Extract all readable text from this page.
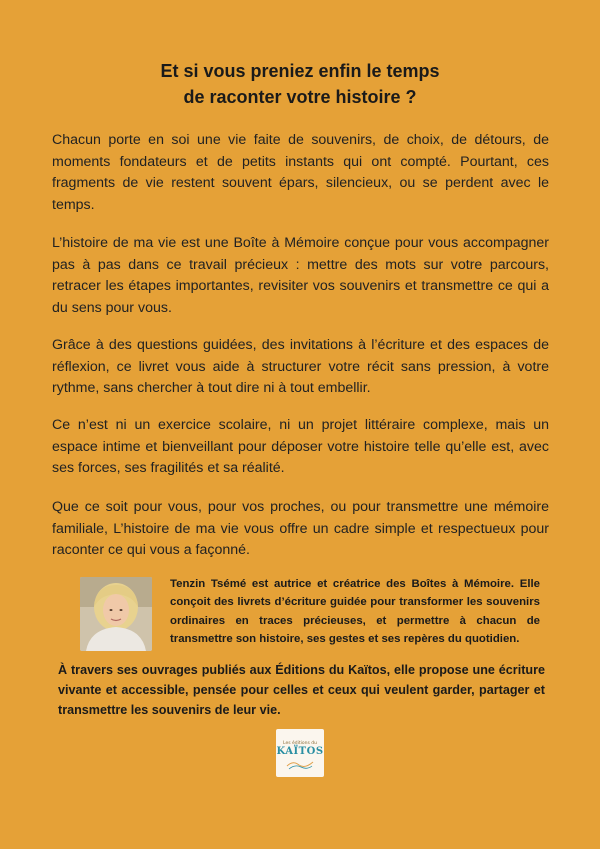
Et si vous preniez enfin le temps
de raconter votre histoire ?

Chacun porte en soi une vie faite de souvenirs, de choix, de détours, de moments fondateurs et de petits instants qui ont compté. Pourtant, ces fragments de vie restent souvent épars, silencieux, ou se perdent avec le temps.

L’histoire de ma vie est une Boîte à Mémoire conçue pour vous accompagner pas à pas dans ce travail précieux : mettre des mots sur votre parcours, retracer les étapes importantes, revisiter vos souvenirs et transmettre ce qui a du sens pour vous.

Grâce à des questions guidées, des invitations à l’écriture et des espaces de réflexion, ce livret vous aide à structurer votre récit sans pression, à votre rythme, sans chercher à tout dire ni à tout embellir.

Ce n’est ni un exercice scolaire, ni un projet littéraire complexe, mais un espace intime et bienveillant pour déposer votre histoire telle qu’elle est, avec ses forces, ses fragilités et sa réalité.

Que ce soit pour vous, pour vos proches, ou pour transmettre une mémoire familiale, L’histoire de ma vie vous offre un cadre simple et respectueux pour raconter ce qui vous a façonné.

Tenzin Tsémé est autrice et créatrice des Boîtes à Mémoire. Elle conçoit des livrets d’écriture guidée pour transformer les souvenirs ordinaires en traces précieuses, et permettre à chacun de transmettre son histoire, ses gestes et ses repères du quotidien.
À travers ses ouvrages publiés aux Éditions du Kaïtos, elle propose une écriture vivante et accessible, pensée pour celles et ceux qui veulent garder, partager et transmettre les souvenirs de leur vie.
Les éditions du
KAÏTOS
